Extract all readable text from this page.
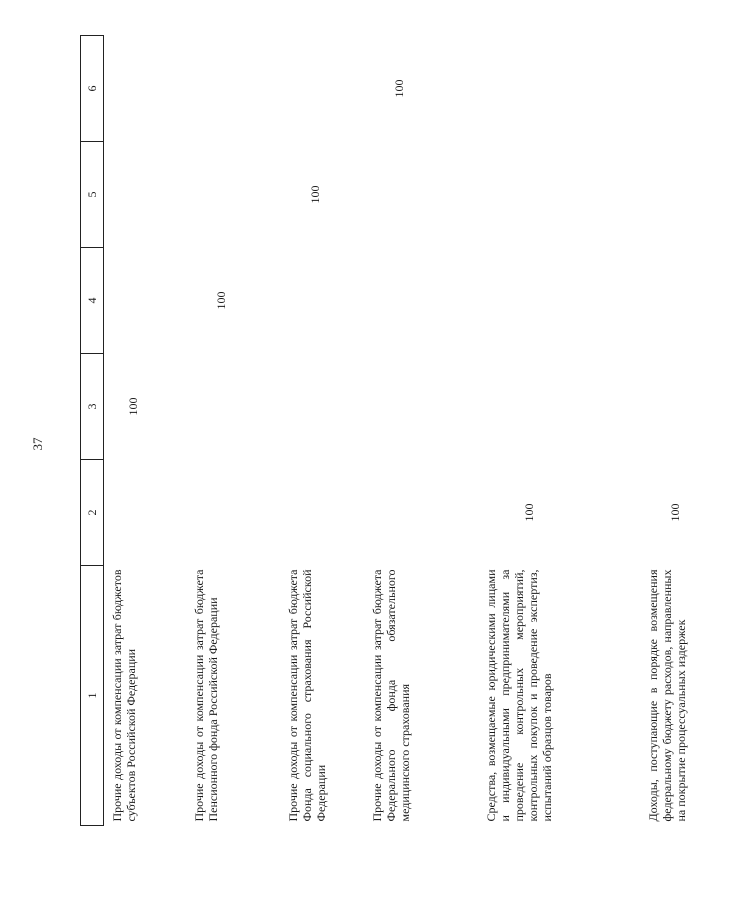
37
1	2	3	4	5	6
Прочие доходы от компенсации затрат бюджетов субъектов Российской Федерации		100			
Прочие доходы от компенсации затрат бюджета Пенсионного фонда Российской Федерации			100		
Прочие доходы от компенсации затрат бюджета Фонда социального страхования Российской Федерации				100	
Прочие доходы от компенсации затрат бюджета Федерального фонда обязательного медицинского страхования					100
Средства, возмещаемые юридическими лицами и индивидуальными предпринимателями за проведение контрольных мероприятий, контрольных покупок и проведение экспертиз, испытаний образцов товаров	100				
Доходы, поступающие в порядке возмещения федеральному бюджету расходов, направленных на покрытие процессуальных издержек	100				
